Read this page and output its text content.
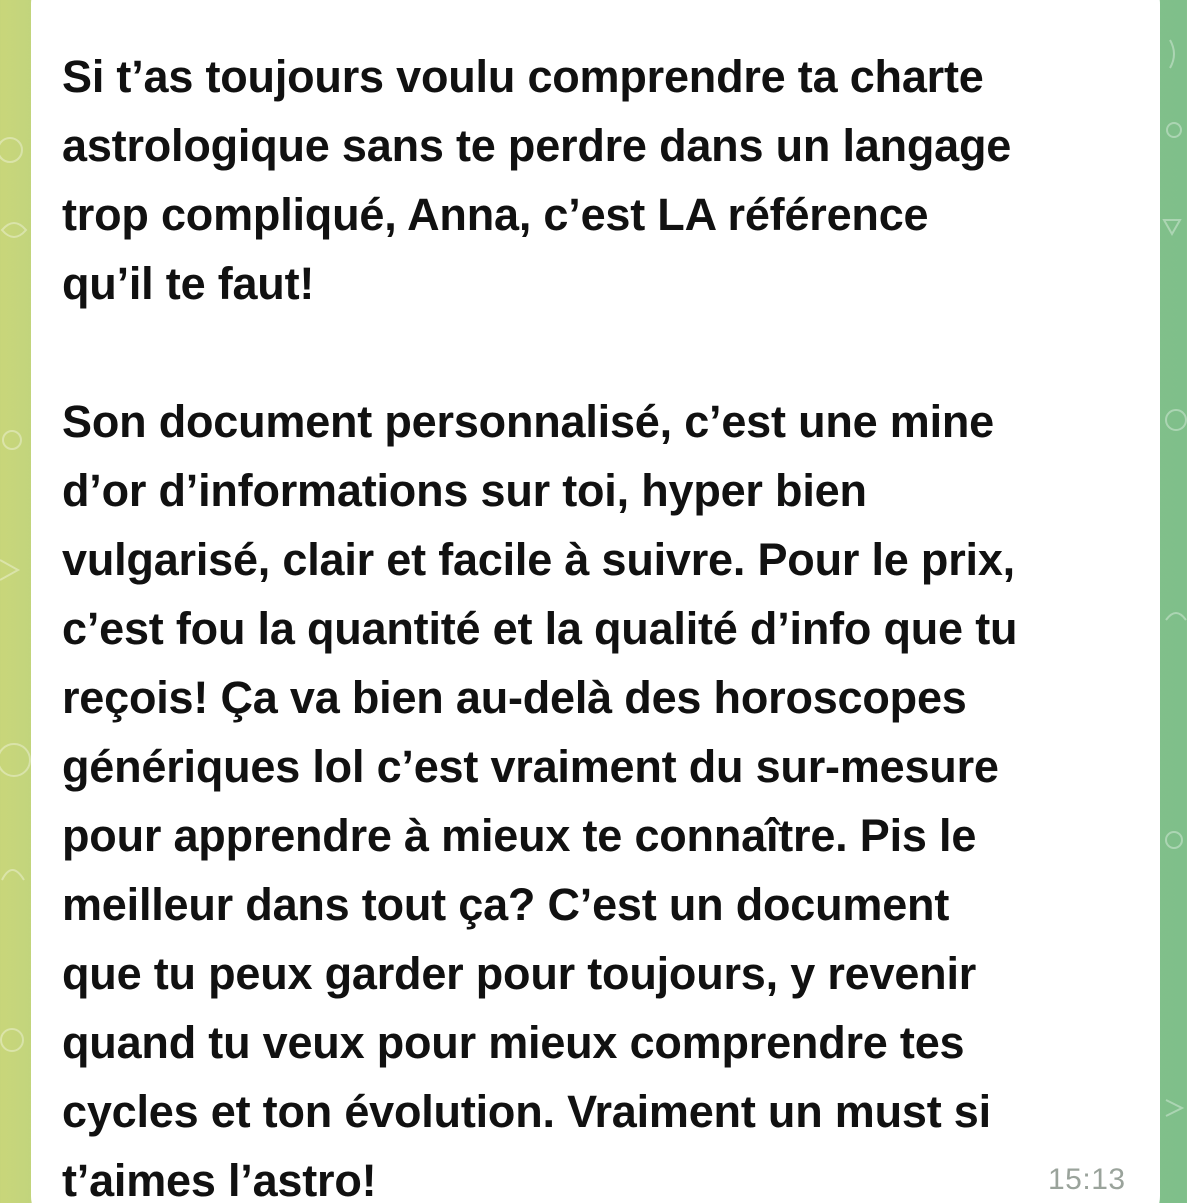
Si t’as toujours voulu comprendre ta charte
astrologique sans te perdre dans un langage
trop compliqué, Anna, c’est LA référence
qu’il te faut!
Son document personnalisé, c’est une mine
d’or d’informations sur toi, hyper bien
vulgarisé, clair et facile à suivre. Pour le prix,
c’est fou la quantité et la qualité d’info que tu
reçois! Ça va bien au-delà des horoscopes
génériques lol c’est vraiment du sur-mesure
pour apprendre à mieux te connaître. Pis le
meilleur dans tout ça? C’est un document
que tu peux garder pour toujours, y revenir
quand tu veux pour mieux comprendre tes
cycles et ton évolution. Vraiment un must si
t’aimes l’astro!	15:13
